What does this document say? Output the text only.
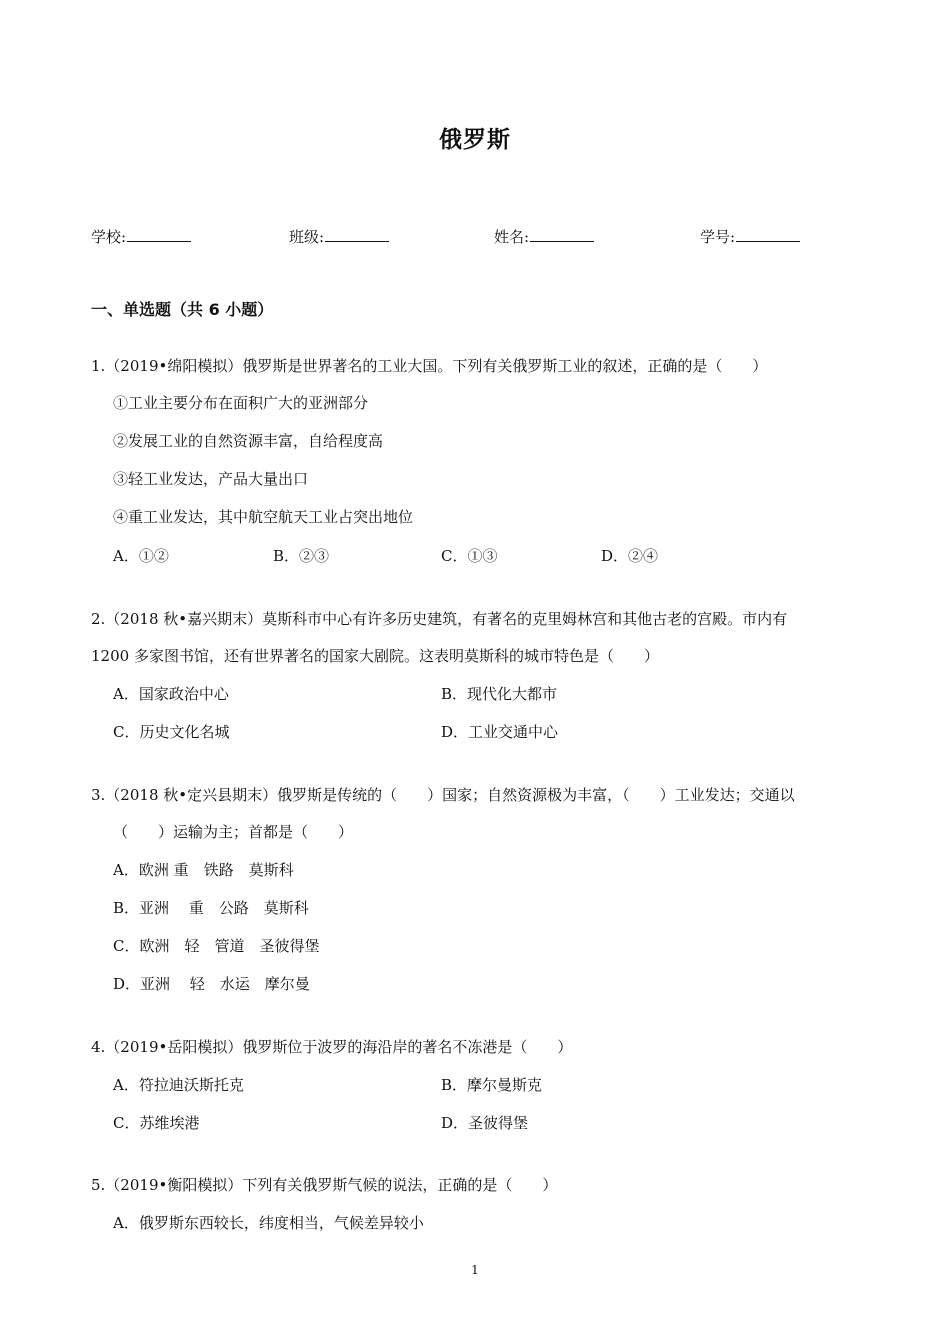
俄罗斯
学校:	班级:	姓名:	学号:
一、单选题（共 6 小题）
1.（2019•绵阳模拟）俄罗斯是世界著名的工业大国。下列有关俄罗斯工业的叙述，正确的是（　　）
①工业主要分布在面积广大的亚洲部分
②发展工业的自然资源丰富，自给程度高
③轻工业发达，产品大量出口
④重工业发达，其中航空航天工业占突出地位
A．①②	B．②③	C．①③	D．②④
2.（2018 秋•嘉兴期末）莫斯科市中心有许多历史建筑，有著名的克里姆林宫和其他古老的宫殿。市内有
1200 多家图书馆，还有世界著名的国家大剧院。这表明莫斯科的城市特色是（　　）
A．国家政治中心	B．现代化大都市
C．历史文化名城	D．工业交通中心
3.（2018 秋•定兴县期末）俄罗斯是传统的（　　）国家；自然资源极为丰富，（　　）工业发达；交通以
（　　）运输为主；首都是（　　）
A．欧洲 重　铁路　莫斯科
B．亚洲　 重　公路　莫斯科
C．欧洲　轻　管道　圣彼得堡
D．亚洲　 轻　水运　摩尔曼
4.（2019•岳阳模拟）俄罗斯位于波罗的海沿岸的著名不冻港是（　　）
A．符拉迪沃斯托克	B．摩尔曼斯克
C．苏维埃港	D．圣彼得堡
5.（2019•衡阳模拟）下列有关俄罗斯气候的说法，正确的是（　　）
A．俄罗斯东西较长，纬度相当，气候差异较小
1
